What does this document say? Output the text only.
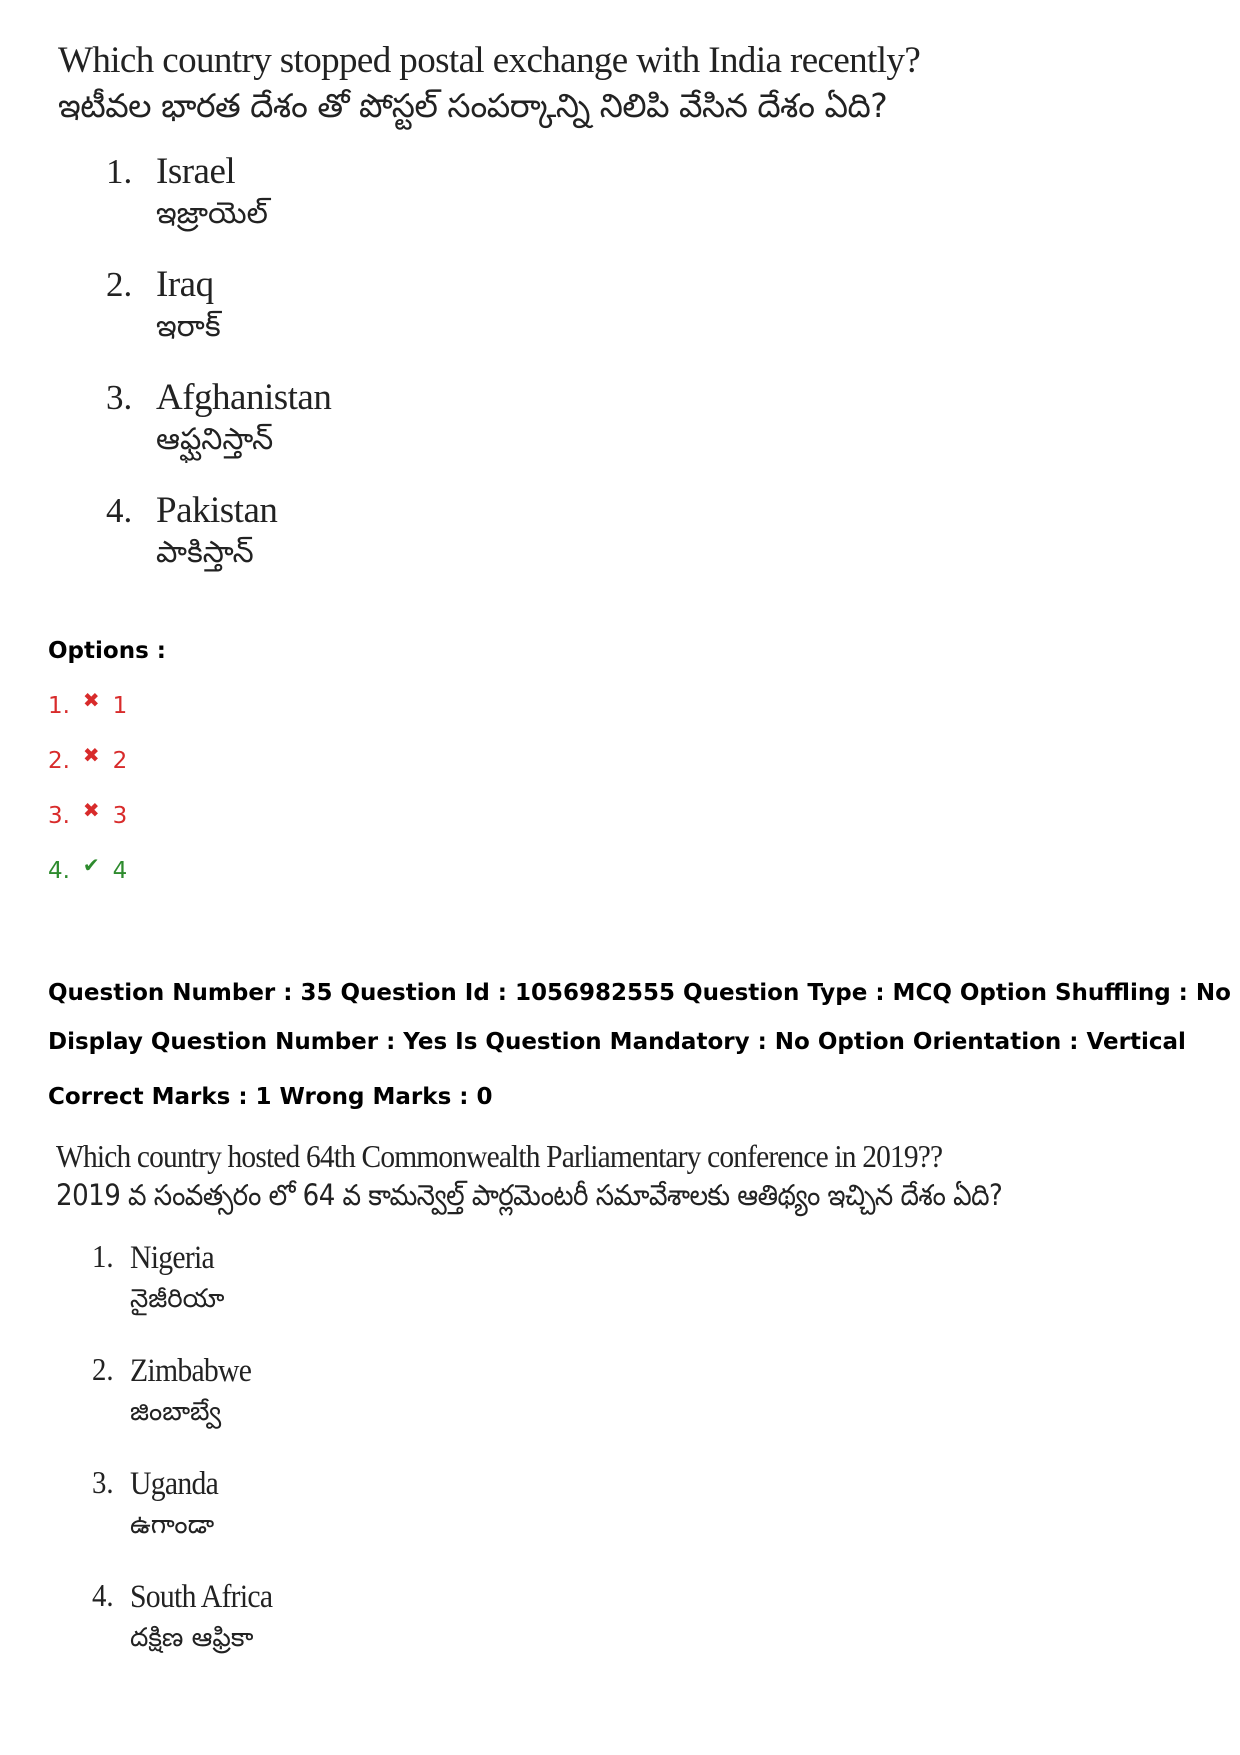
Which country stopped postal exchange with India recently?
ఇటీవల భారత దేశం తో పోస్టల్ సంపర్కాన్ని నిలిపి వేసిన దేశం ఏది?
1. Israel
ఇజ్రాయెల్
2. Iraq
ఇరాక్
3. Afghanistan
ఆఫ్ఘనిస్తాన్
4. Pakistan
పాకిస్తాన్
Options :
1. ✖ 1
2. ✖ 2
3. ✖ 3
4. ✔ 4
Question Number : 35 Question Id : 1056982555 Question Type : MCQ Option Shuffling : No
Display Question Number : Yes Is Question Mandatory : No Option Orientation : Vertical
Correct Marks : 1 Wrong Marks : 0
Which country hosted 64th Commonwealth Parliamentary conference in 2019??
2019 వ సంవత్సరం లో 64 వ కామన్వెల్త్ పార్లమెంటరీ సమావేశాలకు ఆతిథ్యం ఇచ్చిన దేశం ఏది?
1. Nigeria
నైజీరియా
2. Zimbabwe
జింబాబ్వే
3. Uganda
ఉగాండా
4. South Africa
దక్షిణ ఆఫ్రికా
